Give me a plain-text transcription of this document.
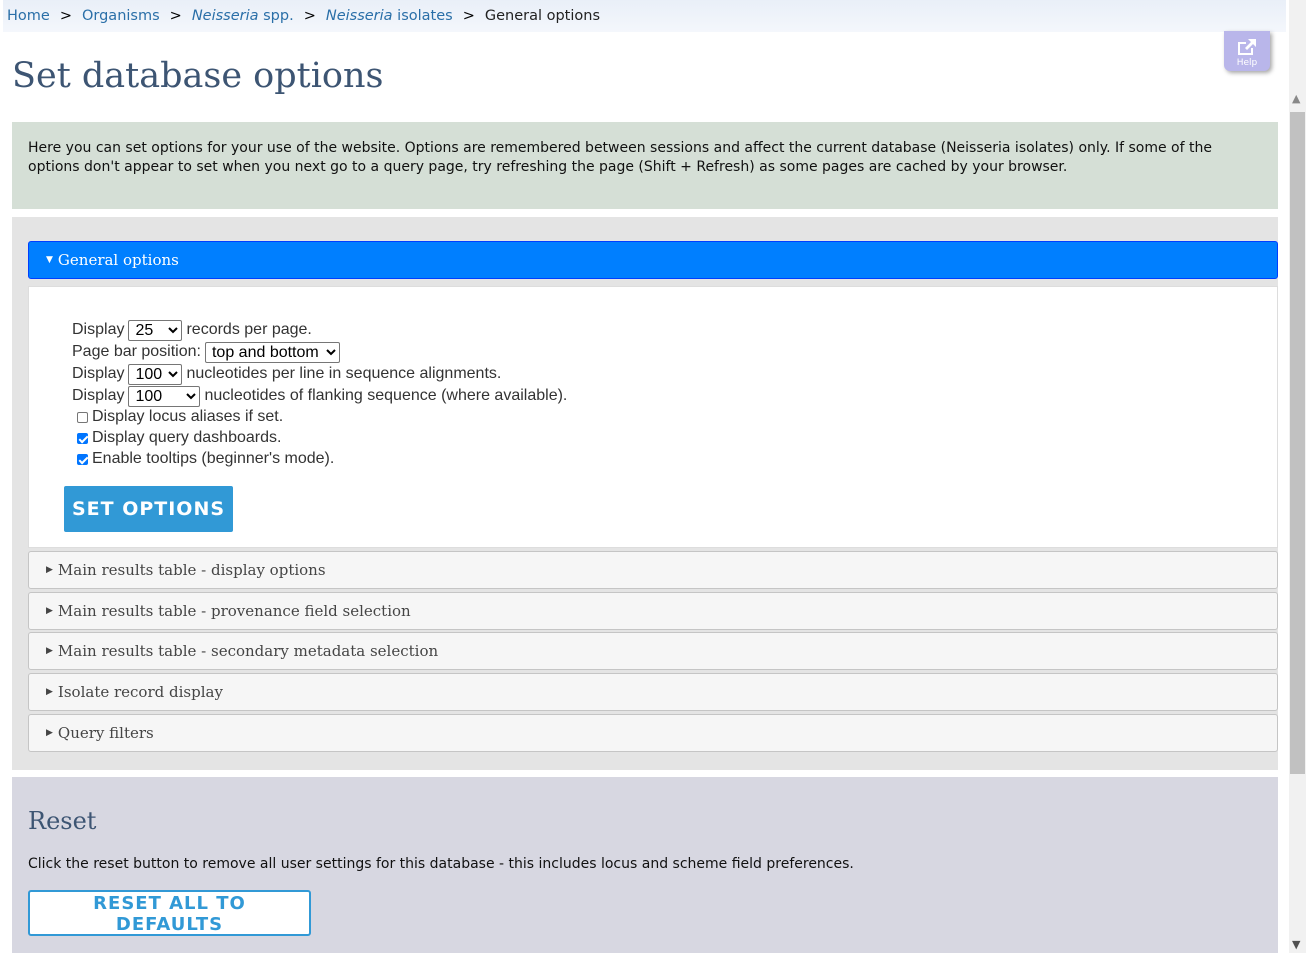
Home > Organisms > Neisseria spp. > Neisseria isolates > General options
Help
Set database options
Here you can set options for your use of the website. Options are remembered between sessions and affect the current database (Neisseria isolates) only. If some of the options don't appear to set when you next go to a query page, try refreshing the page (Shift + Refresh) as some pages are cached by your browser.
▼ General options
Display
25	records per page.
Page bar position:
top and bottom
Display
100	nucleotides per line in sequence alignments.
Display
100	nucleotides of flanking sequence (where available).
Display locus aliases if set.
Display query dashboards.
Enable tooltips (beginner's mode).
SET OPTIONS
▶ Main results table - display options
▶ Main results table - provenance field selection
▶ Main results table - secondary metadata selection
▶ Isolate record display
▶ Query filters
Reset

Click the reset button to remove all user settings for this database - this includes locus and scheme field preferences.

RESET ALL TO DEFAULTS
▲
▼
